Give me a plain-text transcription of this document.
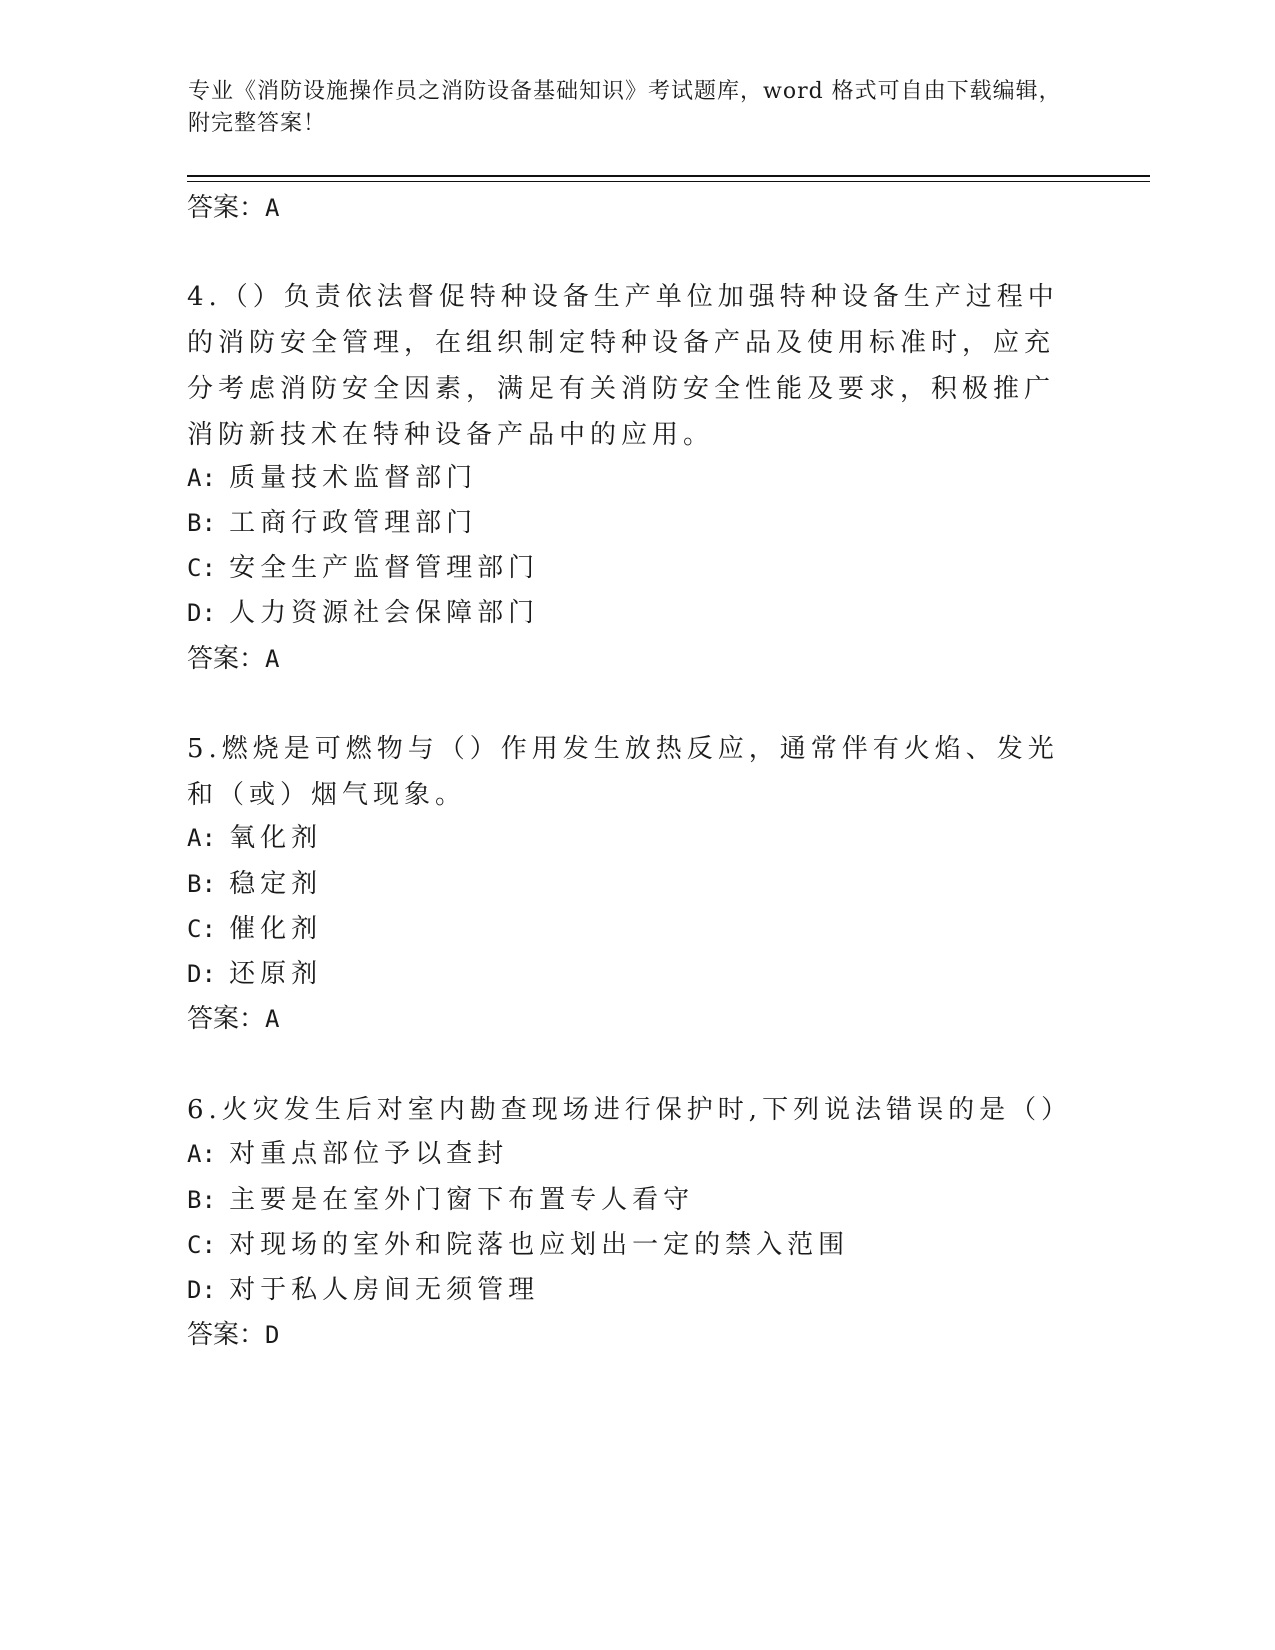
专业《消防设施操作员之消防设备基础知识》考试题库，word 格式可自由下载编辑，附完整答案！
答案：A
4.（）负责依法督促特种设备生产单位加强特种设备生产过程中的消防安全管理，在组织制定特种设备产品及使用标准时，应充分考虑消防安全因素，满足有关消防安全性能及要求，积极推广消防新技术在特种设备产品中的应用。
A: 质量技术监督部门
B: 工商行政管理部门
C: 安全生产监督管理部门
D: 人力资源社会保障部门
答案：A
5.燃烧是可燃物与（）作用发生放热反应，通常伴有火焰、发光和（或）烟气现象。
A: 氧化剂
B: 稳定剂
C: 催化剂
D: 还原剂
答案：A
6.火灾发生后对室内勘查现场进行保护时,下列说法错误的是（）
A: 对重点部位予以查封
B: 主要是在室外门窗下布置专人看守
C: 对现场的室外和院落也应划出一定的禁入范围
D: 对于私人房间无须管理
答案：D
